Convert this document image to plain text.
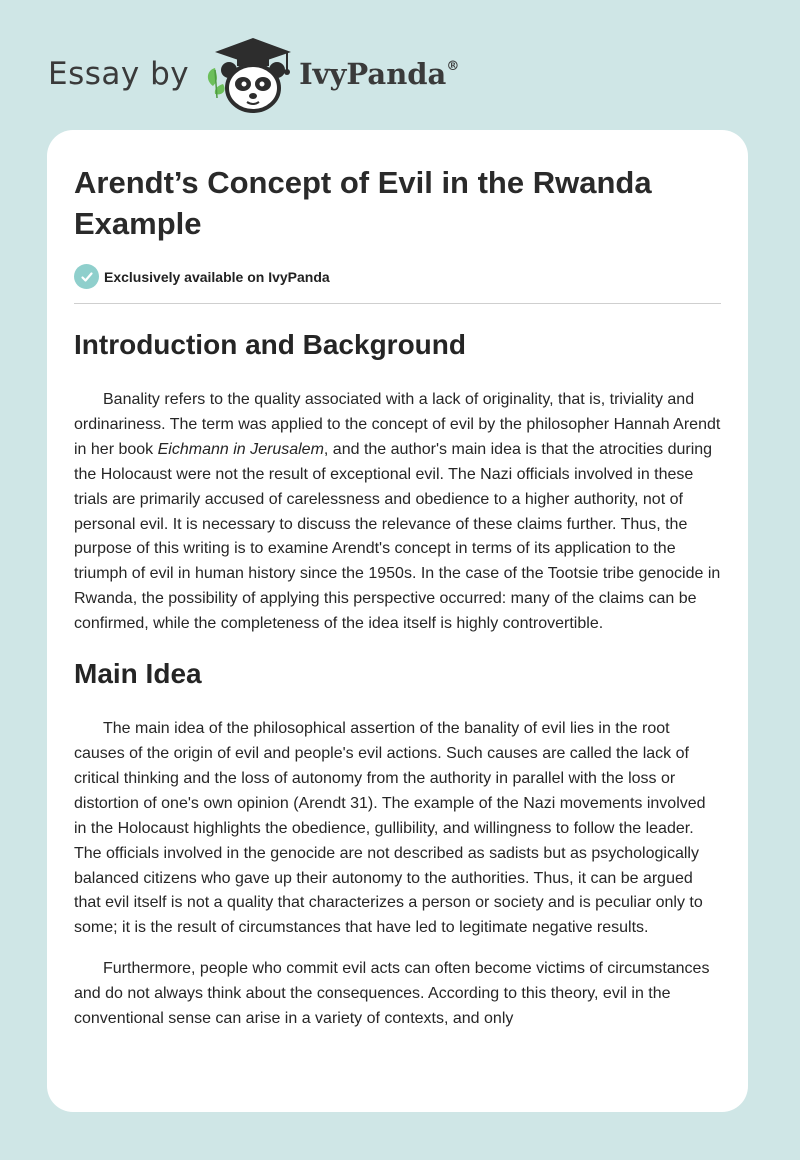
Essay by	IvyPanda®
Arendt’s Concept of Evil in the Rwanda Example
Exclusively available on IvyPanda
Introduction and Background

Banality refers to the quality associated with a lack of originality, that is, triviality and ordinariness. The term was applied to the concept of evil by the philosopher Hannah Arendt in her book Eichmann in Jerusalem, and the author's main idea is that the atrocities during the Holocaust were not the result of exceptional evil. The Nazi officials involved in these trials are primarily accused of carelessness and obedience to a higher authority, not of personal evil. It is necessary to discuss the relevance of these claims further. Thus, the purpose of this writing is to examine Arendt's concept in terms of its application to the triumph of evil in human history since the 1950s. In the case of the Tootsie tribe genocide in Rwanda, the possibility of applying this perspective occurred: many of the claims can be confirmed, while the completeness of the idea itself is highly controvertible.

Main Idea

The main idea of the philosophical assertion of the banality of evil lies in the root causes of the origin of evil and people's evil actions. Such causes are called the lack of critical thinking and the loss of autonomy from the authority in parallel with the loss or distortion of one's own opinion (Arendt 31). The example of the Nazi movements involved in the Holocaust highlights the obedience, gullibility, and willingness to follow the leader. The officials involved in the genocide are not described as sadists but as psychologically balanced citizens who gave up their autonomy to the authorities. Thus, it can be argued that evil itself is not a quality that characterizes a person or society and is peculiar only to some; it is the result of circumstances that have led to legitimate negative results.

Furthermore, people who commit evil acts can often become victims of circumstances and do not always think about the consequences. According to this theory, evil in the conventional sense can arise in a variety of contexts, and only
